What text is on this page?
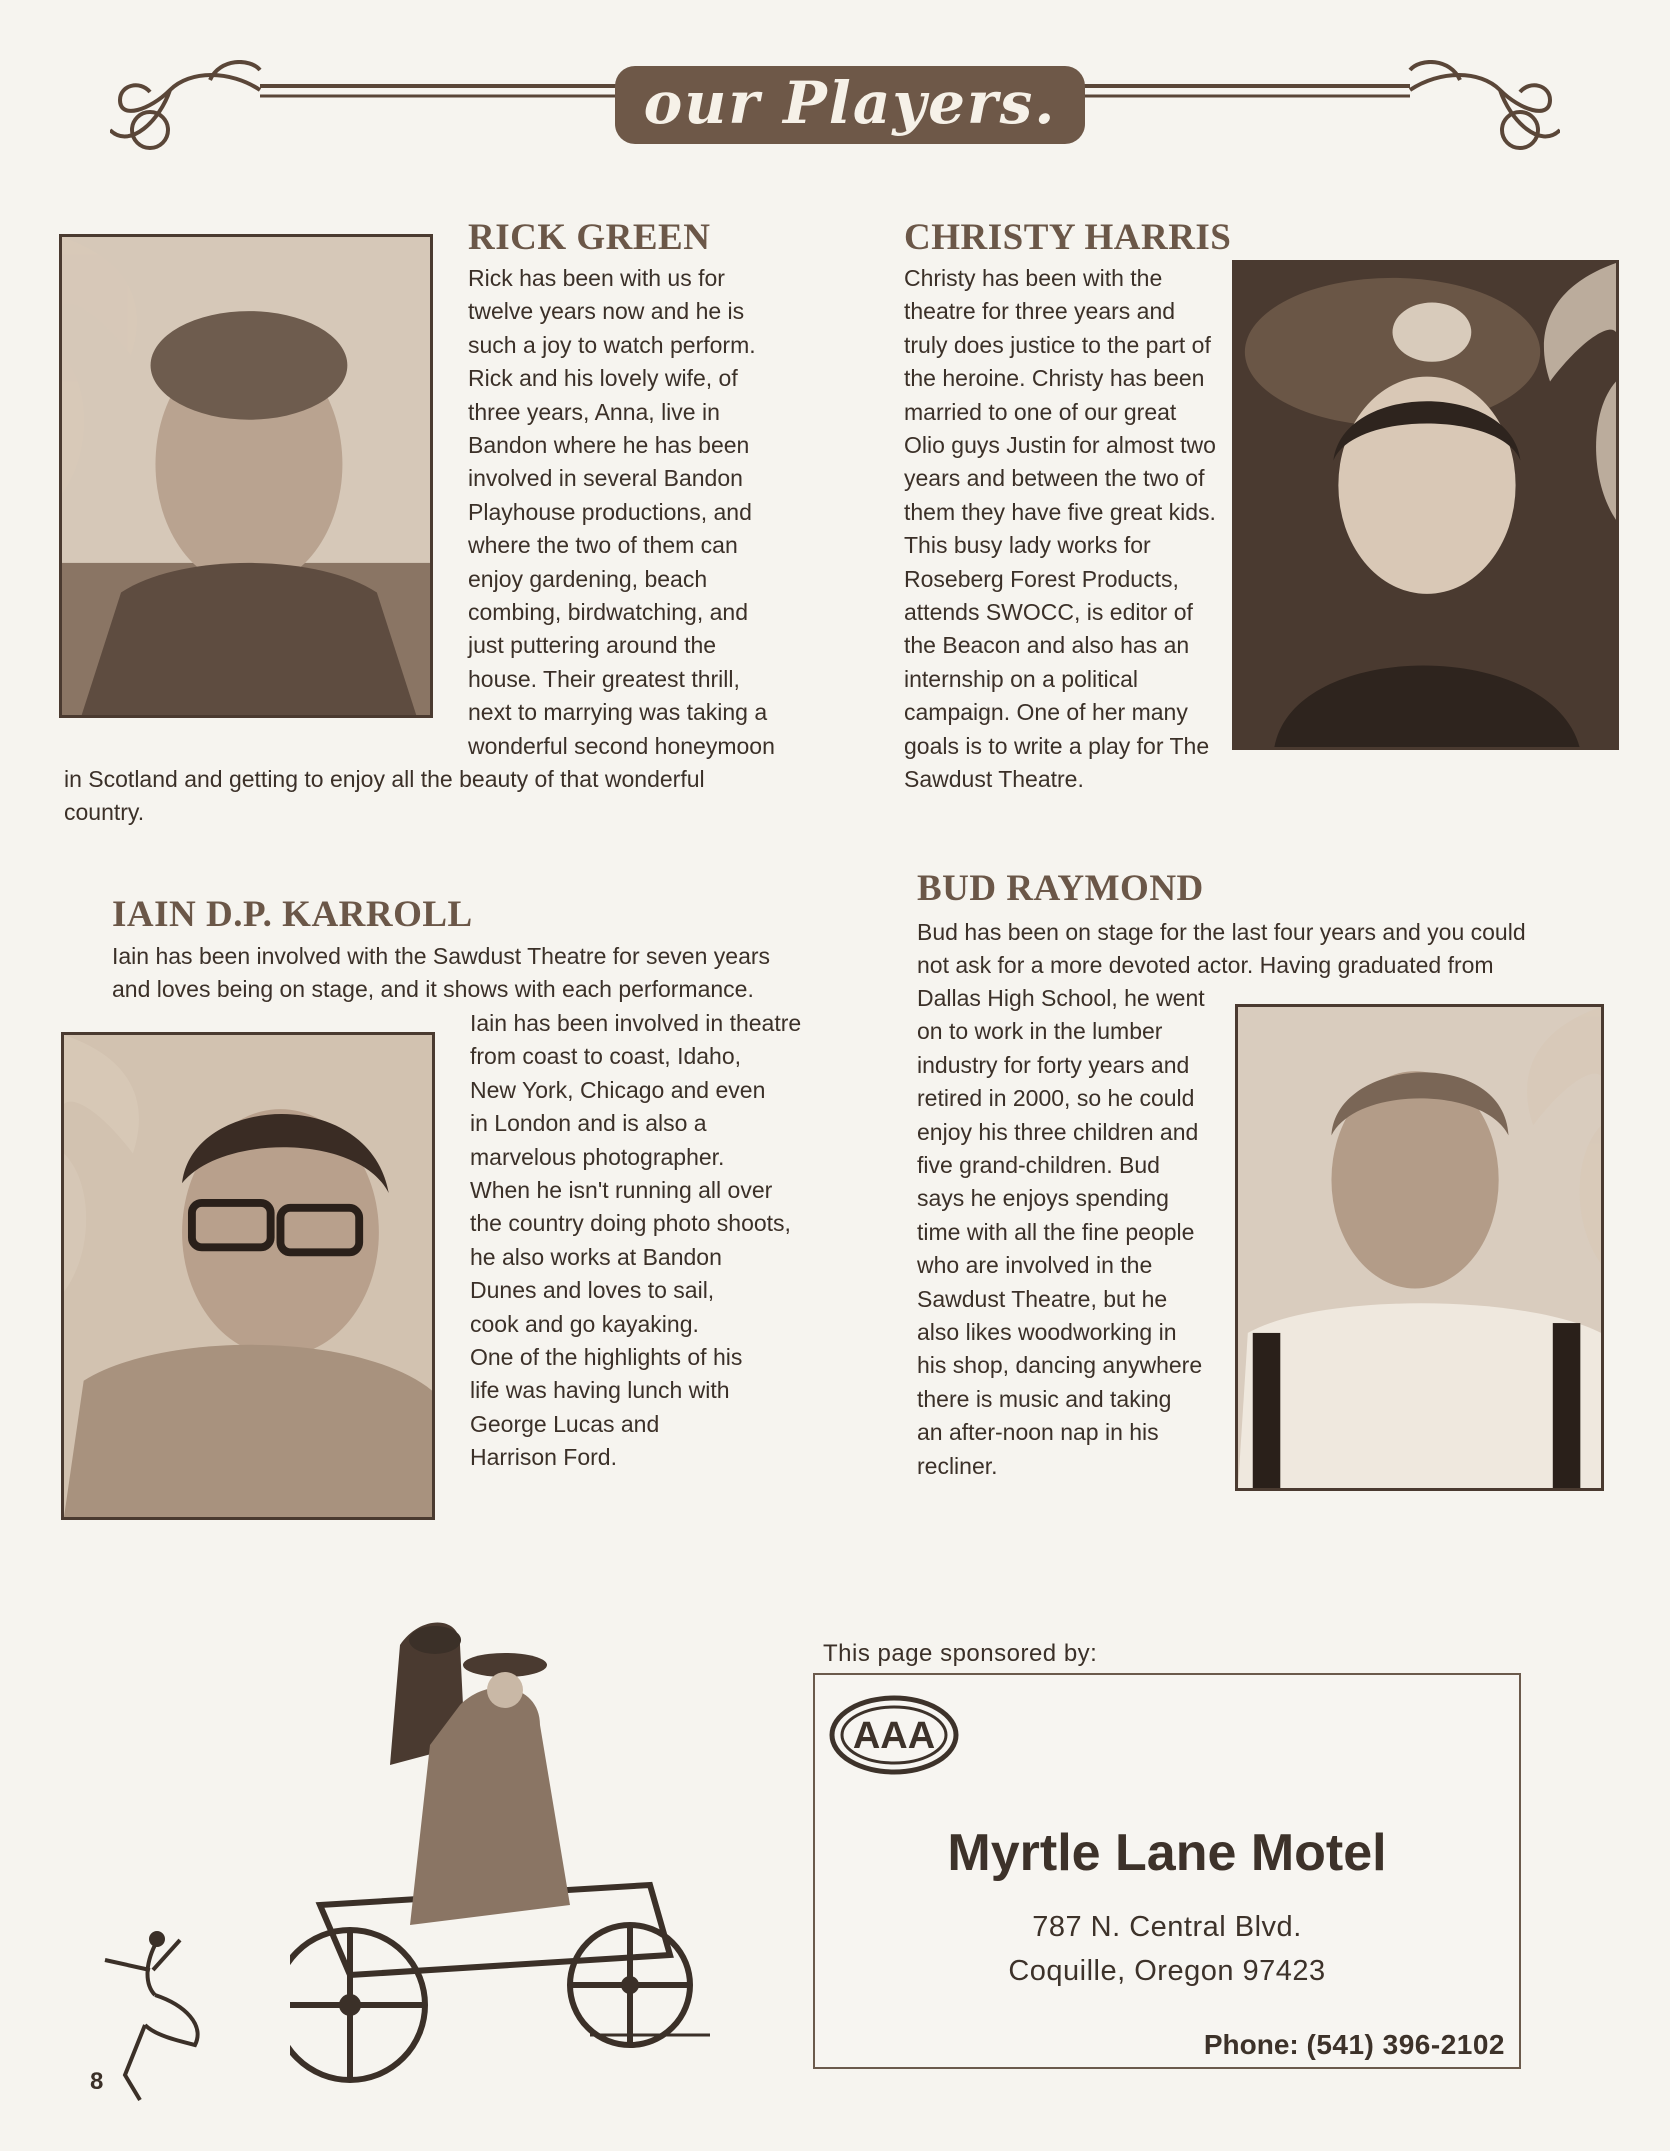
our Players.
RICK GREEN
Rick has been with us for
twelve years now and he is
such a joy to watch perform.
Rick and his lovely wife, of
three years, Anna, live in
Bandon where he has been
involved in several Bandon
Playhouse productions, and
where the two of them can
enjoy gardening, beach
combing, birdwatching, and
just puttering around the
house. Their greatest thrill,
next to marrying was taking a
wonderful second honeymoon
in Scotland and getting to enjoy all the beauty of that wonderful
country.
CHRISTY HARRIS
Christy has been with the
theatre for three years and
truly does justice to the part of
the heroine. Christy has been
married to one of our great
Olio guys Justin for almost two
years and between the two of
them they have five great kids.
This busy lady works for
Roseberg Forest Products,
attends SWOCC, is editor of
the Beacon and also has an
internship on a political
campaign. One of her many
goals is to write a play for The
Sawdust Theatre.
IAIN D.P. KARROLL
Iain has been involved with the Sawdust Theatre for seven years
and loves being on stage, and it shows with each performance.
Iain has been involved in theatre
from coast to coast, Idaho,
New York, Chicago and even
in London and is also a
marvelous photographer.
When he isn't running all over
the country doing photo shoots,
he also works at Bandon
Dunes and loves to sail,
cook and go kayaking.
One of the highlights of his
life was having lunch with
George Lucas and
Harrison Ford.
BUD RAYMOND
Bud has been on stage for the last four years and you could
not ask for a more devoted actor. Having graduated from
Dallas High School, he went
on to work in the lumber
industry for forty years and
retired in 2000, so he could
enjoy his three children and
five grand-children. Bud
says he enjoys spending
time with all the fine people
who are involved in the
Sawdust Theatre, but he
also likes woodworking in
his shop, dancing anywhere
there is music and taking
an after-noon nap in his
recliner.
This page sponsored by:
AAA
Myrtle Lane Motel
787 N. Central Blvd.
Coquille, Oregon 97423
Phone: (541) 396-2102
8
